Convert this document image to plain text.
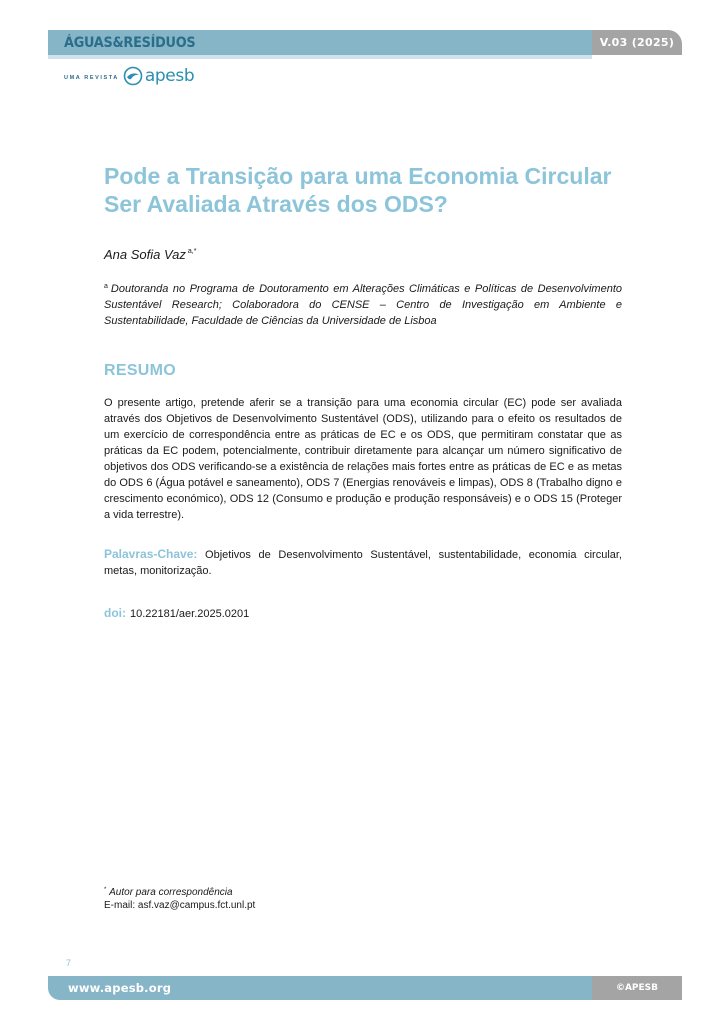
ÁGUAS&RESÍDUOS	V.03 (2025)
UMA REVISTA apesb
Pode a Transição para uma Economia Circular Ser Avaliada Através dos ODS?
Ana Sofia Vaz $^{a,*}$

$^a$ Doutoranda no Programa de Doutoramento em Alterações Climáticas e Políticas de Desenvolvimento Sustentável Research; Colaboradora do CENSE – Centro de Investigação em Ambiente e Sustentabilidade, Faculdade de Ciências da Universidade de Lisboa

RESUMO

O presente artigo, pretende aferir se a transição para uma economia circular (EC) pode ser avaliada através dos Objetivos de Desenvolvimento Sustentável (ODS), utilizando para o efeito os resultados de um exercício de correspondência entre as práticas de EC e os ODS, que permitiram constatar que as práticas da EC podem, potencialmente, contribuir diretamente para alcançar um número significativo de objetivos dos ODS verificando-se a existência de relações mais fortes entre as práticas de EC e as metas do ODS 6 (Água potável e saneamento), ODS 7 (Energias renováveis e limpas), ODS 8 (Trabalho digno e crescimento económico), ODS 12 (Consumo e produção e produção responsáveis) e o ODS 15 (Proteger a vida terrestre).

Palavras-Chave: Objetivos de Desenvolvimento Sustentável, sustentabilidade, economia circular, metas, monitorização.

doi: 10.22181/aer.2025.0201
* Autor para correspondência
E-mail: asf.vaz@campus.fct.unl.pt
7
www.apesb.org	©APESB
